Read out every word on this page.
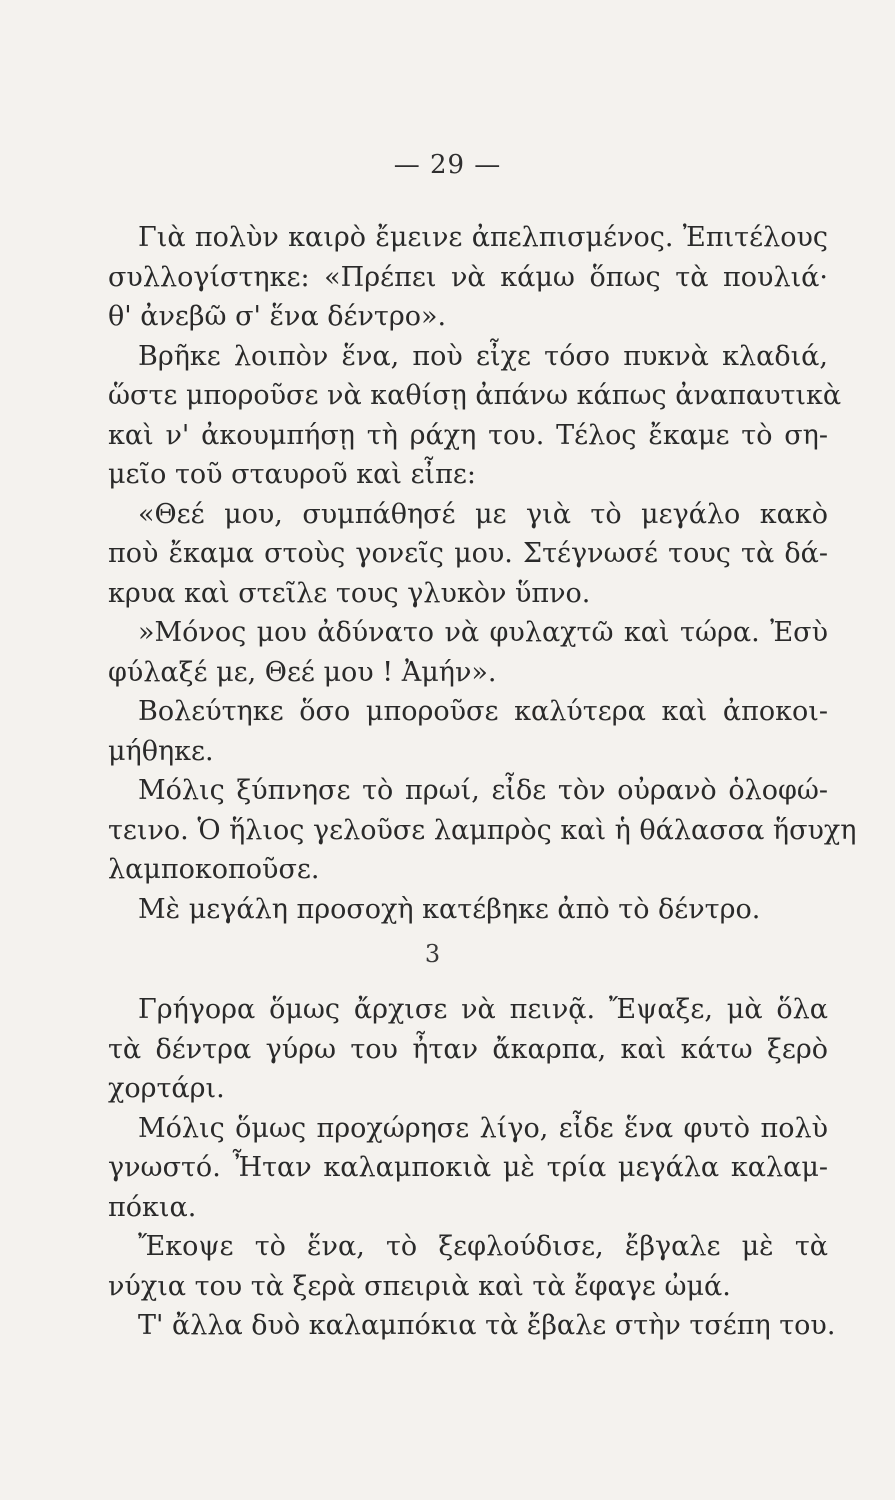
— 29 —
Γιὰ πολὺν καιρὸ ἔμεινε ἀπελπισμένος. Ἐπιτέλους
συλλογίστηκε: «Πρέπει νὰ κάμω ὅπως τὰ πουλιά·
θ' ἀνεβῶ σ' ἕνα δέντρο».
Βρῆκε λοιπὸν ἕνα, ποὺ εἶχε τόσο πυκνὰ κλαδιά,
ὥστε μποροῦσε νὰ καθίσῃ ἀπάνω κάπως ἀναπαυτικὰ
καὶ ν' ἀκουμπήσῃ τὴ ράχη του. Τέλος ἔκαμε τὸ ση-
μεῖο τοῦ σταυροῦ καὶ εἶπε:
«Θεέ μου, συμπάθησέ με γιὰ τὸ μεγάλο κακὸ
ποὺ ἔκαμα στοὺς γονεῖς μου. Στέγνωσέ τους τὰ δά-
κρυα καὶ στεῖλε τους γλυκὸν ὕπνο.
»Μόνος μου ἀδύνατο νὰ φυλαχτῶ καὶ τώρα. Ἐσὺ
φύλαξέ με, Θεέ μου ! Ἀμήν».
Βολεύτηκε ὅσο μποροῦσε καλύτερα καὶ ἀποκοι-
μήθηκε.
Μόλις ξύπνησε τὸ πρωί, εἶδε τὸν οὐρανὸ ὁλοφώ-
τεινο. Ὁ ἥλιος γελοῦσε λαμπρὸς καὶ ἡ θάλασσα ἥσυχη
λαμποκοποῦσε.
Μὲ μεγάλη προσοχὴ κατέβηκε ἀπὸ τὸ δέντρο.
3
Γρήγορα ὅμως ἄρχισε νὰ πεινᾷ. Ἔψαξε, μὰ ὅλα
τὰ δέντρα γύρω του ἦταν ἄκαρπα, καὶ κάτω ξερὸ
χορτάρι.
Μόλις ὅμως προχώρησε λίγο, εἶδε ἕνα φυτὸ πολὺ
γνωστό. Ἦταν καλαμποκιὰ μὲ τρία μεγάλα καλαμ-
πόκια.
Ἔκοψε τὸ ἕνα, τὸ ξεφλούδισε, ἔβγαλε μὲ τὰ
νύχια του τὰ ξερὰ σπειριὰ καὶ τὰ ἔφαγε ὠμά.
Τ' ἄλλα δυὸ καλαμπόκια τὰ ἔβαλε στὴν τσέπη του.
